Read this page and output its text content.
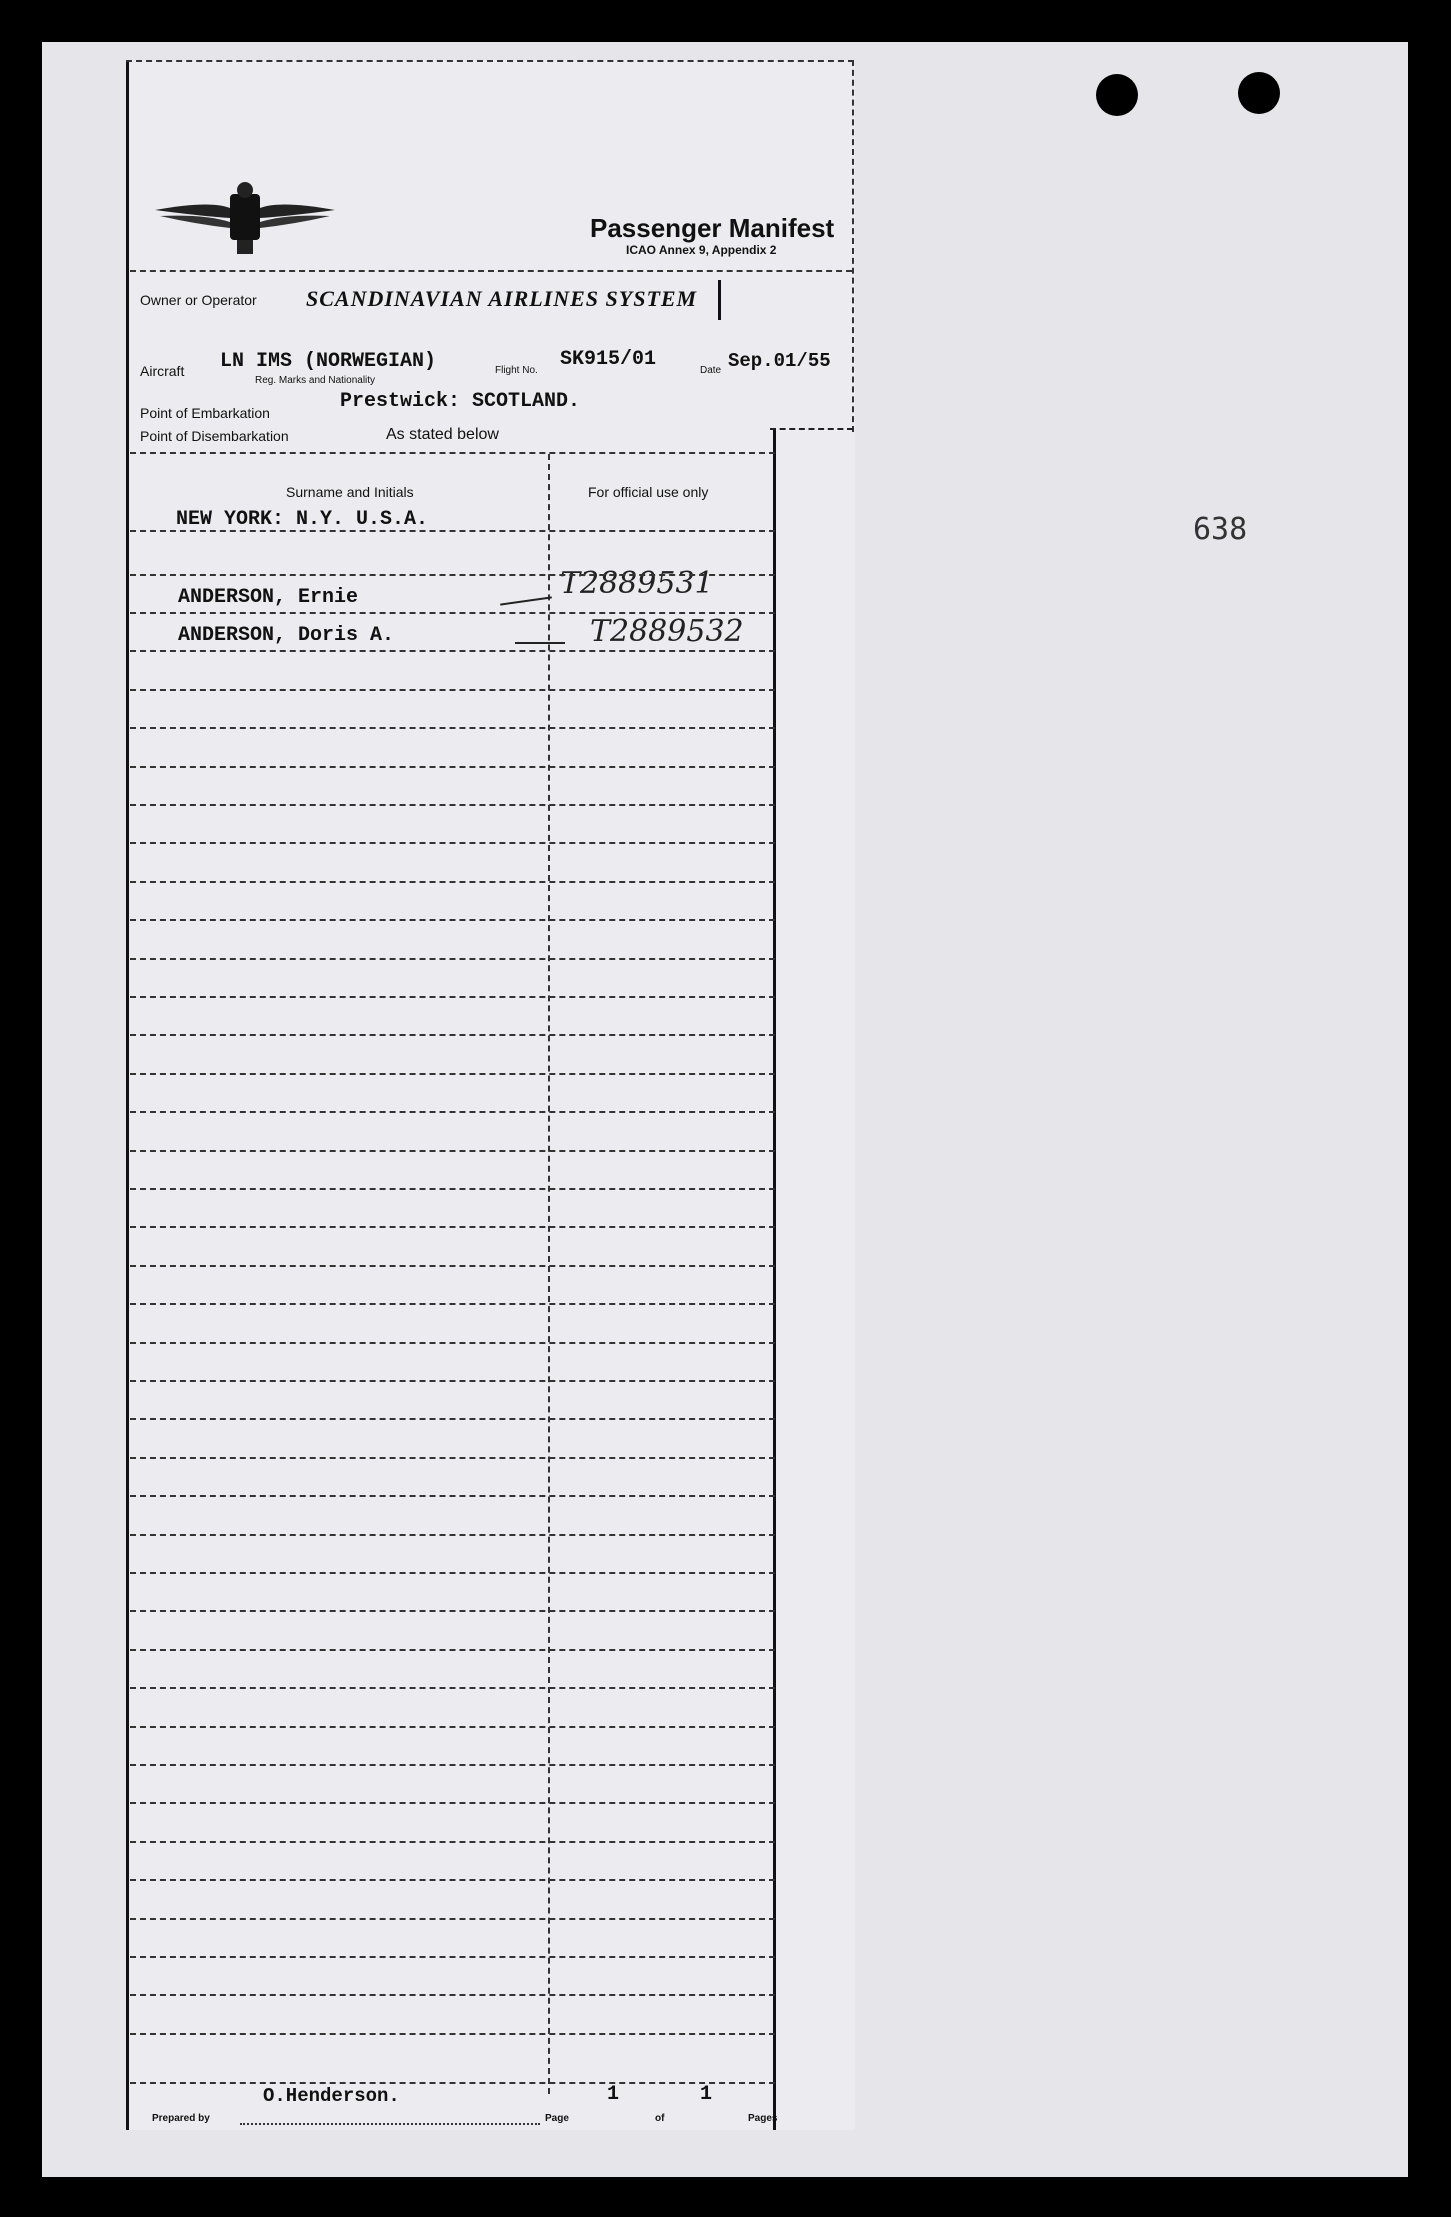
Passenger Manifest
ICAO Annex 9, Appendix 2
Owner or Operator SCANDINAVIAN AIRLINES SYSTEM
Aircraft LN IMS (NORWEGIAN)
Reg. Marks and Nationality
Flight No. SK915/01	Date Sep.01/55
Point of Embarkation	Prestwick: SCOTLAND.
Point of Disembarkation	As stated below
Surname and Initials	For official use only
NEW YORK: N.Y. U.S.A.
ANDERSON, Ernie	T2889531
ANDERSON, Doris A.	T2889532
638
O.Henderson.
Prepared by
1
Page
1
of	Pages
